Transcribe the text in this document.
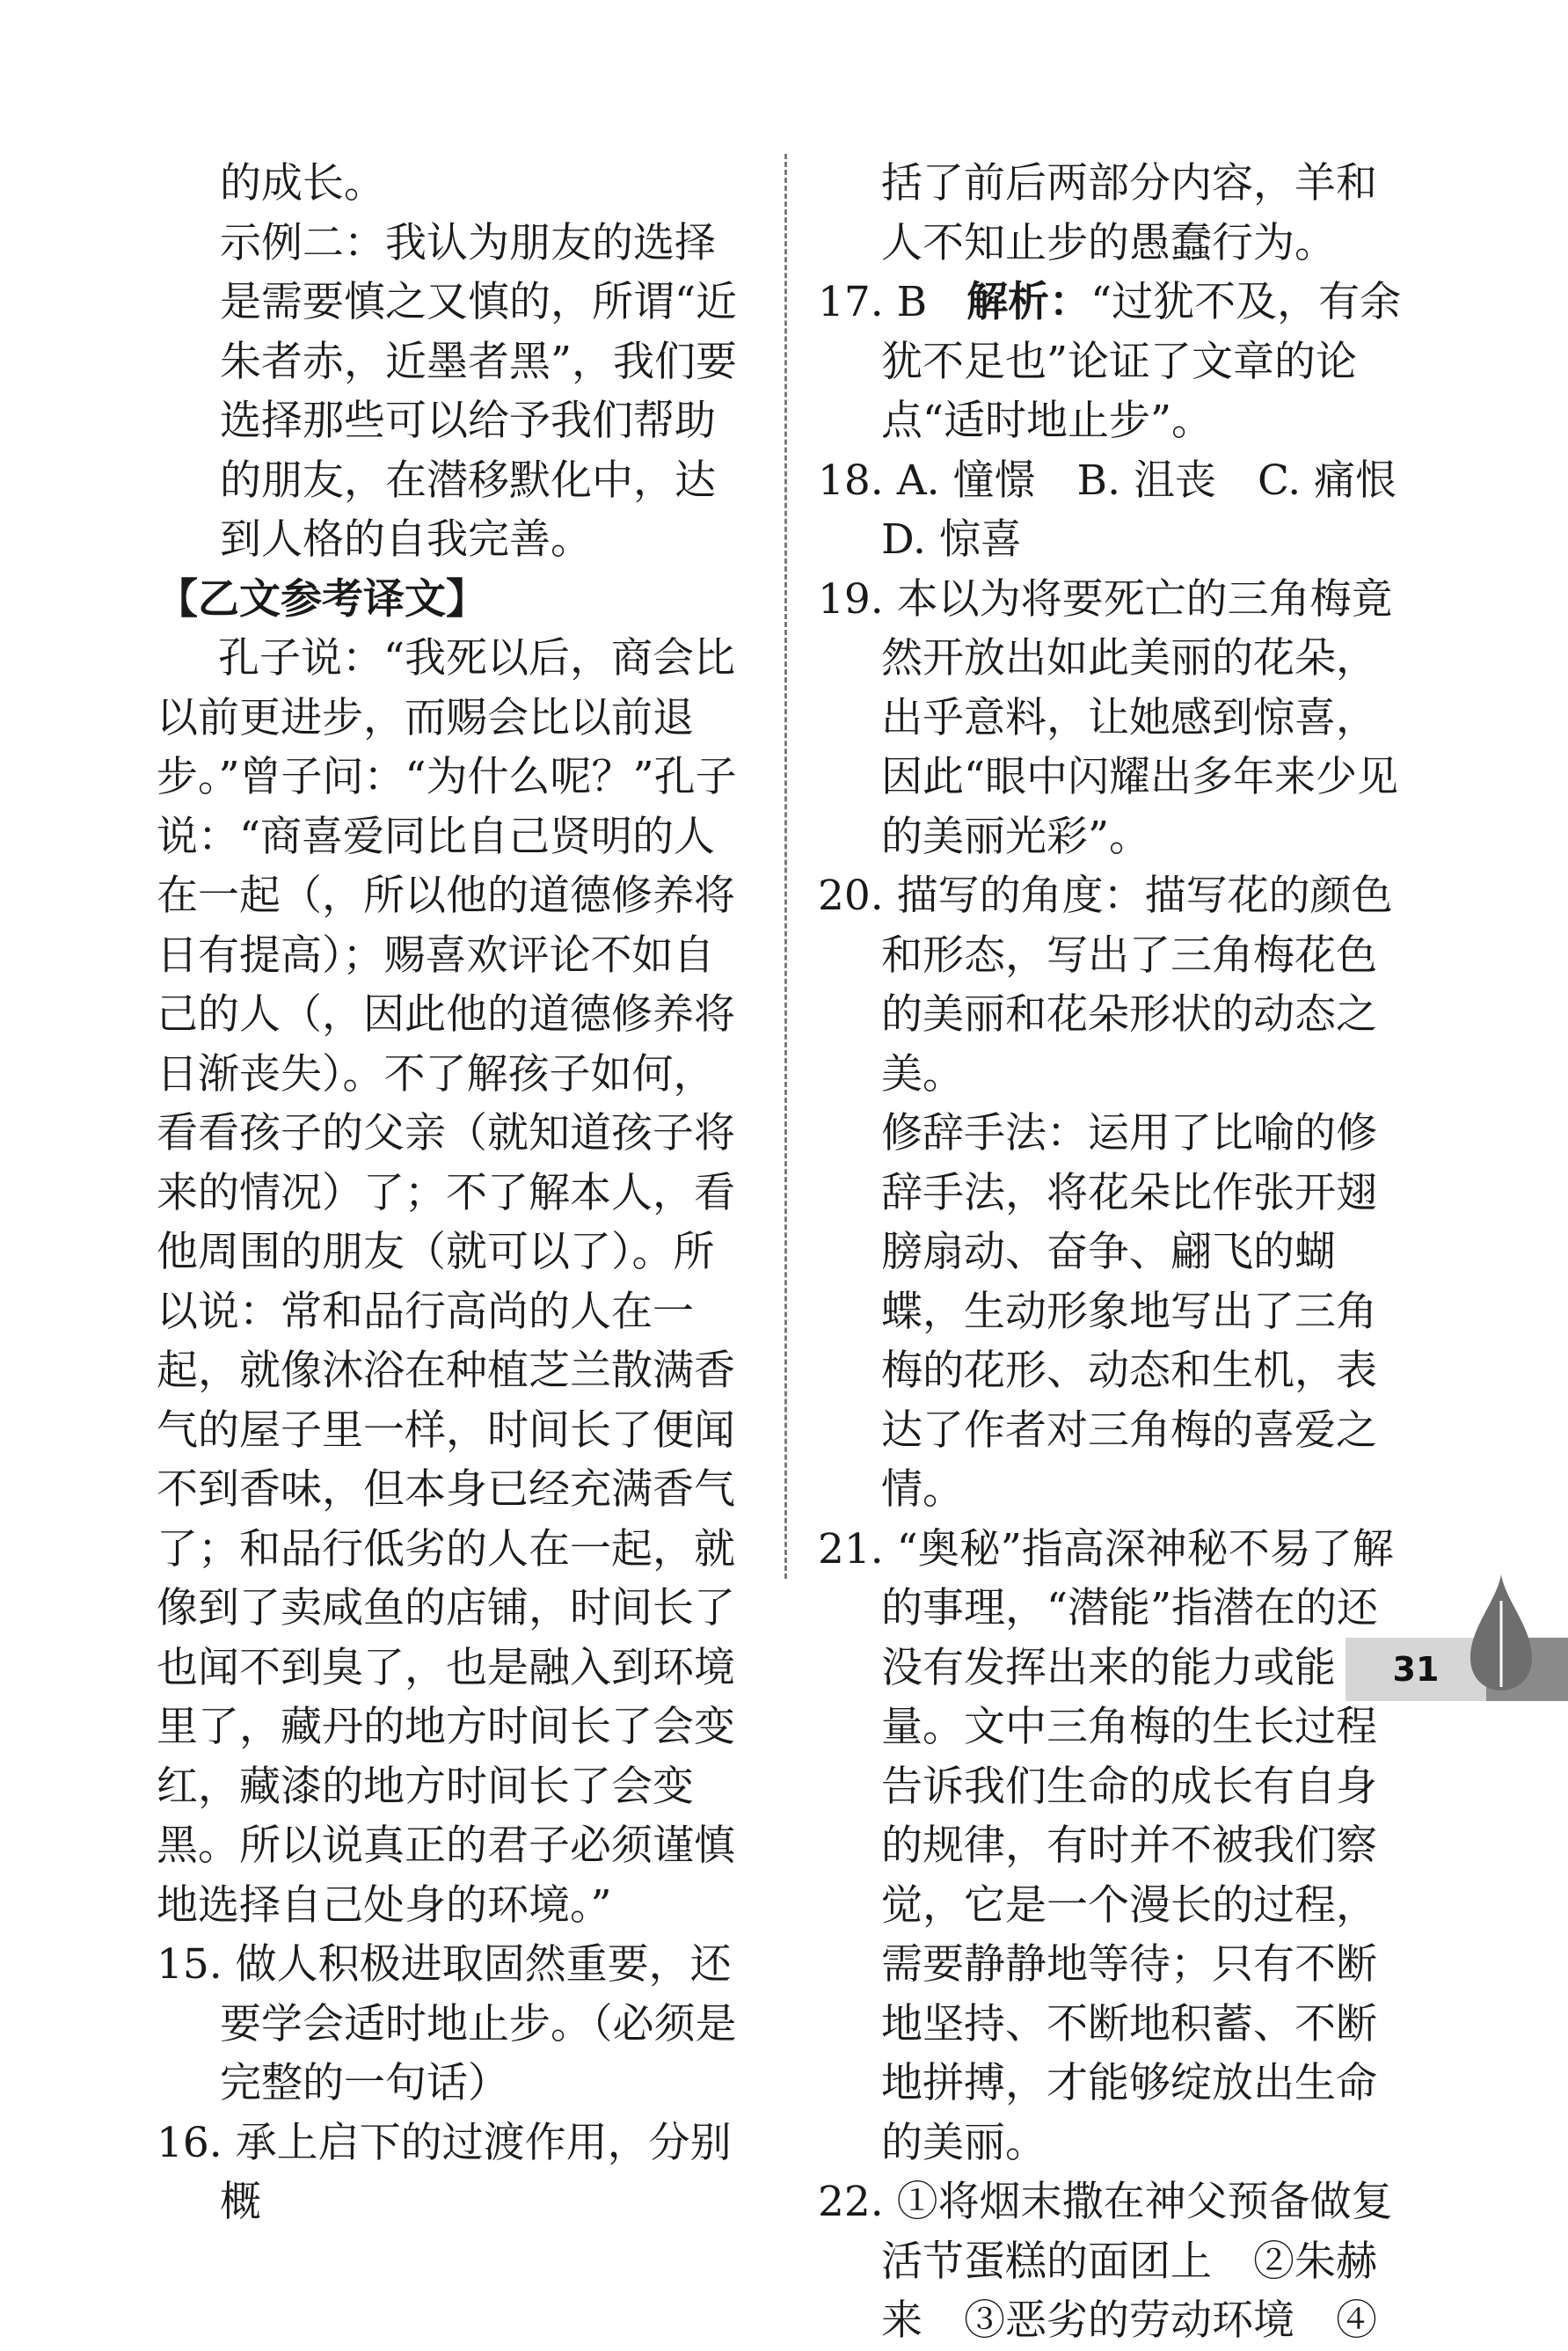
的成长。

示例二：我认为朋友的选择是需要慎之又慎的，所谓“近朱者赤，近墨者黑”，我们要选择那些可以给予我们帮助的朋友，在潜移默化中，达到人格的自我完善。

【乙文参考译文】

孔子说：“我死以后，商会比以前更进步，而赐会比以前退步。”曾子问：“为什么呢？”孔子说：“商喜爱同比自己贤明的人在一起（，所以他的道德修养将日有提高）；赐喜欢评论不如自己的人（，因此他的道德修养将日渐丧失）。不了解孩子如何，看看孩子的父亲（就知道孩子将来的情况）了；不了解本人，看他周围的朋友（就可以了）。所以说：常和品行高尚的人在一起，就像沐浴在种植芝兰散满香气的屋子里一样，时间长了便闻不到香味，但本身已经充满香气了；和品行低劣的人在一起，就像到了卖咸鱼的店铺，时间长了也闻不到臭了，也是融入到环境里了，藏丹的地方时间长了会变红，藏漆的地方时间长了会变黑。所以说真正的君子必须谨慎地选择自己处身的环境。”

15. 做人积极进取固然重要，还要学会适时地止步。（必须是完整的一句话）

16. 承上启下的过渡作用，分别概

括了前后两部分内容，羊和人不知止步的愚蠢行为。

17. B 解析：“过犹不及，有余犹不足也”论证了文章的论点“适时地止步”。

18. A. 憧憬　B. 沮丧　C. 痛恨

D. 惊喜

19. 本以为将要死亡的三角梅竟然开放出如此美丽的花朵，出乎意料，让她感到惊喜，因此“眼中闪耀出多年来少见的美丽光彩”。

20. 描写的角度：描写花的颜色和形态，写出了三角梅花色的美丽和花朵形状的动态之美。

修辞手法：运用了比喻的修辞手法，将花朵比作张开翅膀扇动、奋争、翩飞的蝴蝶，生动形象地写出了三角梅的花形、动态和生机，表达了作者对三角梅的喜爱之情。

21. “奥秘”指高深神秘不易了解的事理，“潜能”指潜在的还没有发挥出来的能力或能量。文中三角梅的生长过程告诉我们生命的成长有自身的规律，有时并不被我们察觉，它是一个漫长的过程，需要静静地等待；只有不断地坚持、不断地积蓄、不断地拼搏，才能够绽放出生命的美丽。

22. ①将烟末撒在神父预备做复活节蛋糕的面团上　②朱赫来　③恶劣的劳动环境　④

31
